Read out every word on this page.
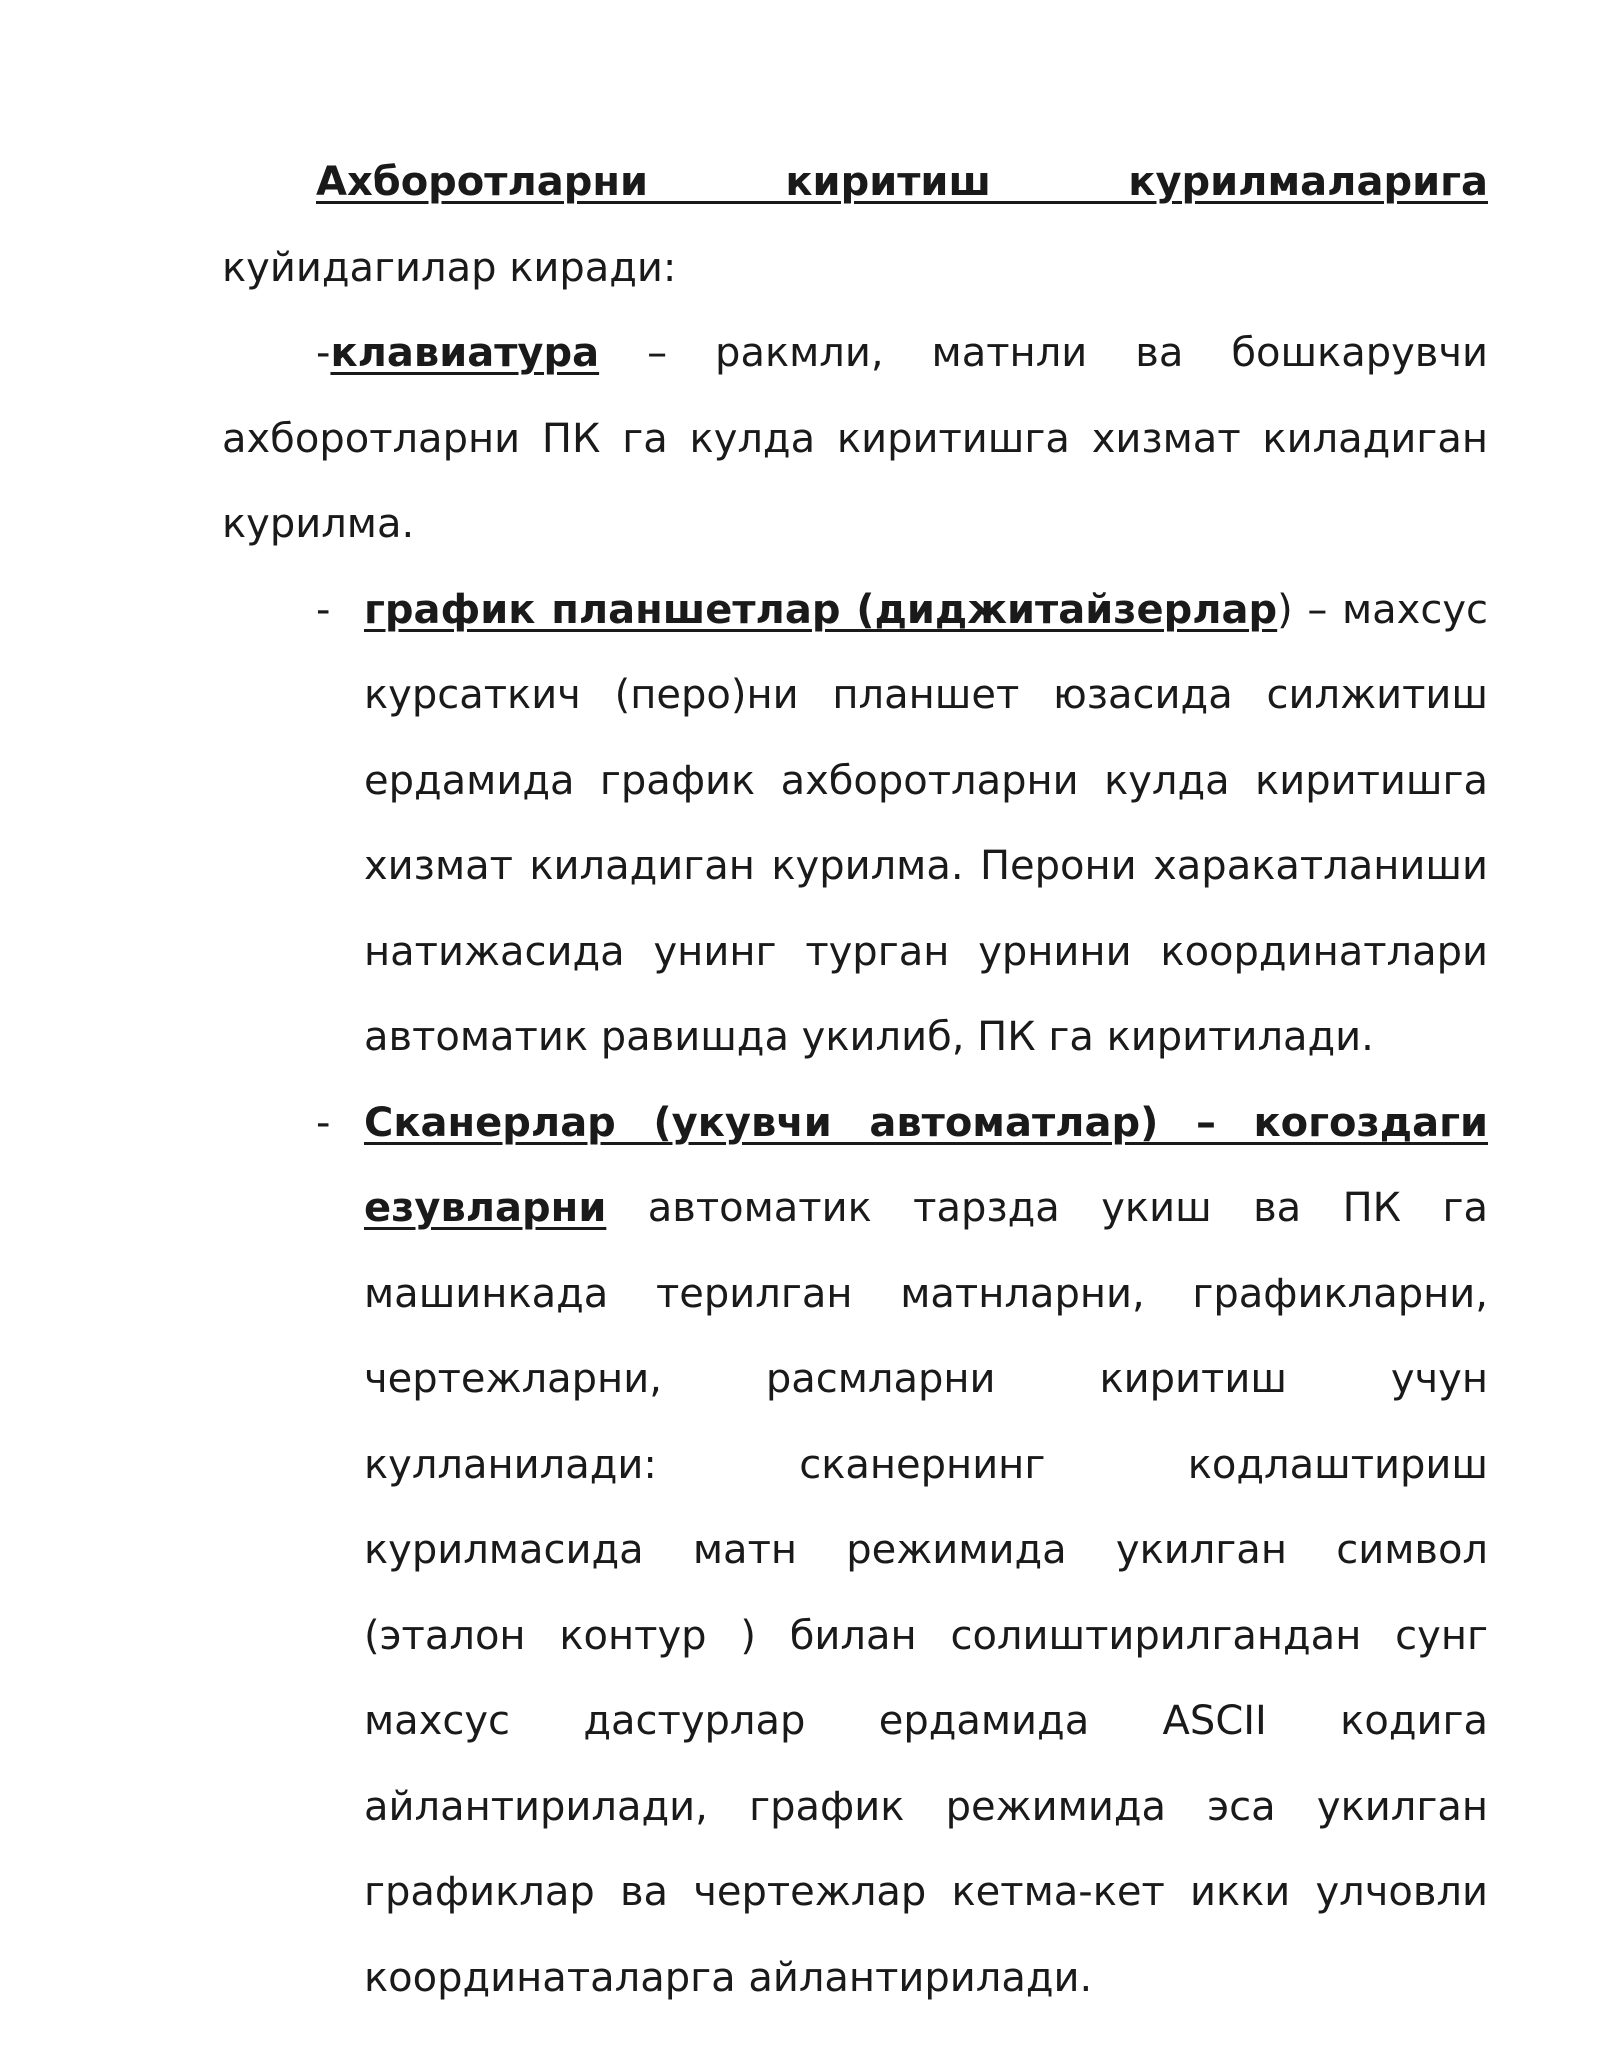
Ахборотларни киритиш курилмаларига куйидагилар киради:

-клавиатура – ракмли, матнли ва бошкарувчи ахборотларни ПК га кулда киритишга хизмат киладиган курилма.

- график планшетлар (диджитайзерлар) – махсус курсаткич (перо)ни планшет юзасида силжитиш ердамида график ахборотларни кулда киритишга хизмат киладиган курилма. Перони харакатланиши натижасида унинг турган урнини координатлари автоматик равишда укилиб, ПК га киритилади.
- Сканерлар (укувчи автоматлар) – когоздаги езувларни автоматик тарзда укиш ва ПК га машинкада терилган матнларни, графикларни, чертежларни, расмларни киритиш учун кулланилади: сканернинг кодлаштириш курилмасида матн режимида укилган символ (эталон контур ) билан солиштирилгандан сунг махсус дастурлар ердамида ASCII кодига айлантирилади, график режимида эса укилган графиклар ва чертежлар кетма-кет икки улчовли координаталарга айлантирилади.
